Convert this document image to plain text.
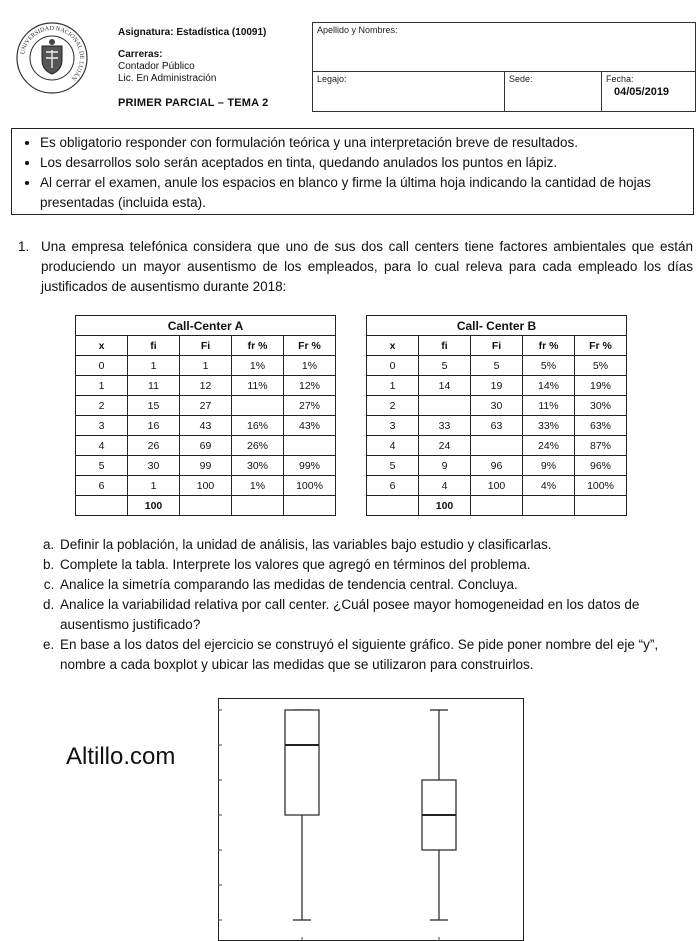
UNIVERSIDAD NACIONAL DE LUJÁN
Asignatura: Estadística (10091)
Carreras:
Contador Público
Lic. En Administración
PRIMER PARCIAL – TEMA 2
Apellido y Nombres:
Legajo:	Sede:	Fecha:
04/05/2019
• Es obligatorio responder con formulación teórica y una interpretación breve de resultados.
• Los desarrollos solo serán aceptados en tinta, quedando anulados los puntos en lápiz.
• Al cerrar el examen, anule los espacios en blanco y firme la última hoja indicando la cantidad de hojas presentadas (incluida esta).
1. Una empresa telefónica considera que uno de sus dos call centers tiene factores ambientales que están produciendo un mayor ausentismo de los empleados, para lo cual releva para cada empleado los días justificados de ausentismo durante 2018:
Call-Center A				
x	fi	Fi	fr %	Fr %
0	1	1	1%	1%
1	11	12	11%	12%
2	15	27		27%
3	16	43	16%	43%
4	26	69	26%	
5	30	99	30%	99%
6	1	100	1%	100%
	100			
Call- Center B				
x	fi	Fi	fr %	Fr %
0	5	5	5%	5%
1	14	19	14%	19%
2		30	11%	30%
3	33	63	33%	63%
4	24		24%	87%
5	9	96	9%	96%
6	4	100	4%	100%
	100			
a. Definir la población, la unidad de análisis, las variables bajo estudio y clasificarlas.
b. Complete la tabla. Interprete los valores que agregó en términos del problema.
c. Analice la simetría comparando las medidas de tendencia central. Concluya.
d. Analice la variabilidad relativa por call center. ¿Cuál posee mayor homogeneidad en los datos de ausentismo justificado?
e. En base a los datos del ejercicio se construyó el siguiente gráfico. Se pide poner nombre del eje “y”, nombre a cada boxplot y ubicar las medidas que se utilizaron para construirlos.
Altillo.com
